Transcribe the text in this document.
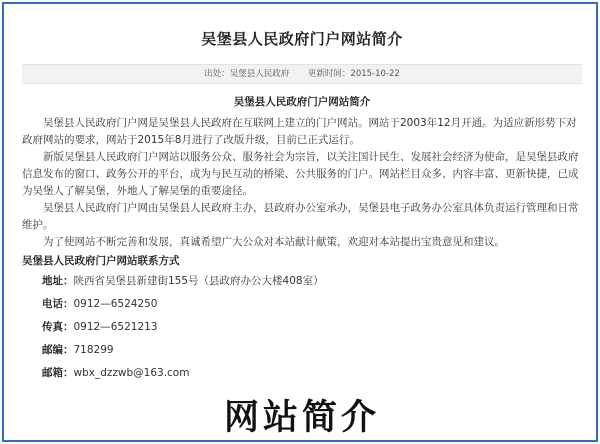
吴堡县人民政府门户网站简介
出处：吴堡县人民政府 更新时间：2015-10-22
吴堡县人民政府门户网站简介

吴堡县人民政府门户网是吴堡县人民政府在互联网上建立的门户网站。网站于2003年12月开通。为适应新形势下对政府网站的要求，网站于2015年8月进行了改版升级，目前已正式运行。

新版吴堡县人民政府门户网站以服务公众、服务社会为宗旨，以关注国计民生、发展社会经济为使命，是吴堡县政府信息发布的窗口、政务公开的平台，成为与民互动的桥梁、公共服务的门户。网站栏目众多、内容丰富、更新快捷，已成为吴堡人了解吴堡，外地人了解吴堡的重要途径。

吴堡县人民政府门户网由吴堡县人民政府主办，县政府办公室承办，吴堡县电子政务办公室具体负责运行管理和日常维护。

为了使网站不断完善和发展，真诚希望广大公众对本站献计献策，欢迎对本站提出宝贵意见和建议。

吴堡县人民政府门户网站联系方式
地址：陕西省吴堡县新建街155号（县政府办公大楼408室）
电话：0912—6524250
传真：0912—6521213
邮编：718299
邮箱：wbx_dzzwb@163.com
网站简介
